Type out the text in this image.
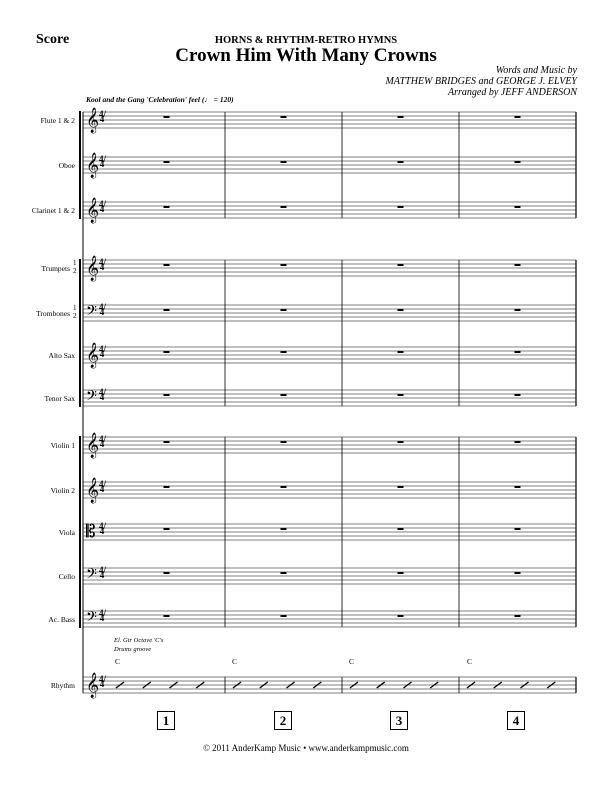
Score	HORNS & RHYTHM-RETRO HYMNS
Crown Him With Many Crowns
Words and Music by
MATTHEW BRIDGES and GEORGE J. ELVEY
Arranged by JEFF ANDERSON
Kool and the Gang 'Celebration' feel (♩ = 120)
𝄞
𝄞
𝄞
𝄞
𝄢
𝄞
𝄢
𝄞
𝄞
𝄡
𝄢
𝄢
𝄞
4/4
Flute 1 & 2
4/4
Oboe
4/4
Clarinet 1 & 2
4/4
Trumpets
1
2
4/4
Trombones
1
2
4/4
Alto Sax
4/4
Tenor Sax
4/4
Violin 1
4/4
Violin 2
4/4
Viola
4/4
Cello
4/4
Ac. Bass
4/4
Rhythm
El. Gtr Octave 'C's
Drums groove
C	C	C	C
1	2	3	4
© 2011 AnderKamp Music • www.anderkampmusic.com
